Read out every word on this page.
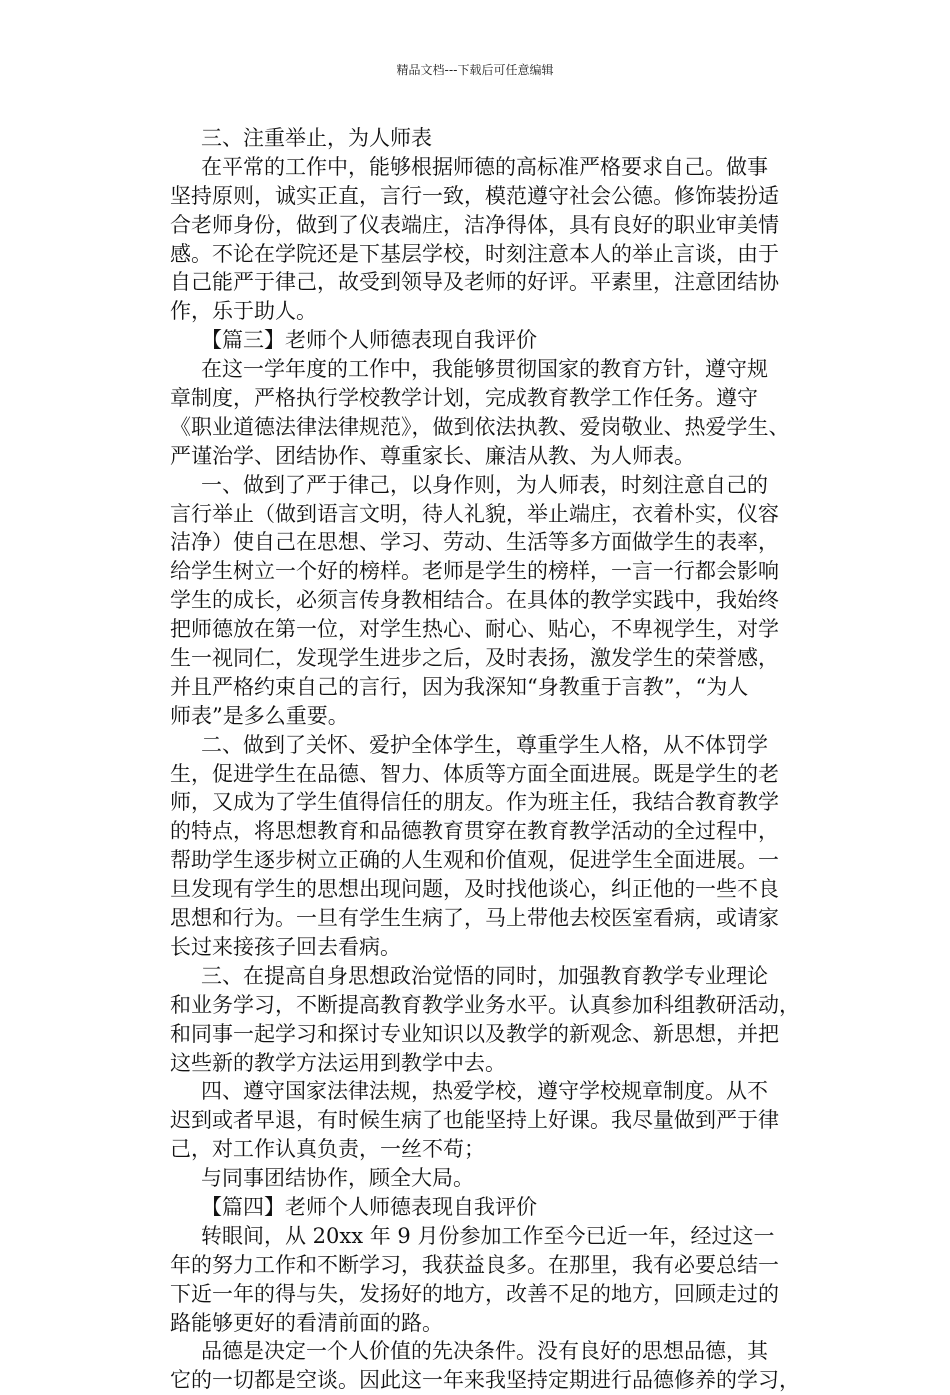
精品文档---下载后可任意编辑
三、注重举止，为人师表
在平常的工作中，能够根据师德的高标准严格要求自己。做事
坚持原则，诚实正直，言行一致，模范遵守社会公德。修饰装扮适
合老师身份，做到了仪表端庄，洁净得体，具有良好的职业审美情
感。不论在学院还是下基层学校，时刻注意本人的举止言谈，由于
自己能严于律己，故受到领导及老师的好评。平素里，注意团结协
作，乐于助人。
【篇三】老师个人师德表现自我评价
在这一学年度的工作中，我能够贯彻国家的教育方针，遵守规
章制度，严格执行学校教学计划，完成教育教学工作任务。遵守
《职业道德法律法律规范》，做到依法执教、爱岗敬业、热爱学生、
严谨治学、团结协作、尊重家长、廉洁从教、为人师表。
一、做到了严于律己，以身作则，为人师表，时刻注意自己的
言行举止（做到语言文明，待人礼貌，举止端庄，衣着朴实，仪容
洁净）使自己在思想、学习、劳动、生活等多方面做学生的表率，
给学生树立一个好的榜样。老师是学生的榜样，一言一行都会影响
学生的成长，必须言传身教相结合。在具体的教学实践中，我始终
把师德放在第一位，对学生热心、耐心、贴心，不卑视学生，对学
生一视同仁，发现学生进步之后，及时表扬，激发学生的荣誉感，
并且严格约束自己的言行，因为我深知“身教重于言教”，“为人
师表”是多么重要。
二、做到了关怀、爱护全体学生，尊重学生人格，从不体罚学
生，促进学生在品德、智力、体质等方面全面进展。既是学生的老
师，又成为了学生值得信任的朋友。作为班主任，我结合教育教学
的特点，将思想教育和品德教育贯穿在教育教学活动的全过程中，
帮助学生逐步树立正确的人生观和价值观，促进学生全面进展。一
旦发现有学生的思想出现问题，及时找他谈心，纠正他的一些不良
思想和行为。一旦有学生生病了，马上带他去校医室看病，或请家
长过来接孩子回去看病。
三、在提高自身思想政治觉悟的同时，加强教育教学专业理论
和业务学习，不断提高教育教学业务水平。认真参加科组教研活动，
和同事一起学习和探讨专业知识以及教学的新观念、新思想，并把
这些新的教学方法运用到教学中去。
四、遵守国家法律法规，热爱学校，遵守学校规章制度。从不
迟到或者早退，有时候生病了也能坚持上好课。我尽量做到严于律
己，对工作认真负责，一丝不苟；
与同事团结协作，顾全大局。
【篇四】老师个人师德表现自我评价
转眼间，从 20xx 年 9 月份参加工作至今已近一年，经过这一
年的努力工作和不断学习，我获益良多。在那里，我有必要总结一
下近一年的得与失，发扬好的地方，改善不足的地方，回顾走过的
路能够更好的看清前面的路。
品德是决定一个人价值的先决条件。没有良好的思想品德，其
它的一切都是空谈。因此这一年来我坚持定期进行品德修养的学习，
